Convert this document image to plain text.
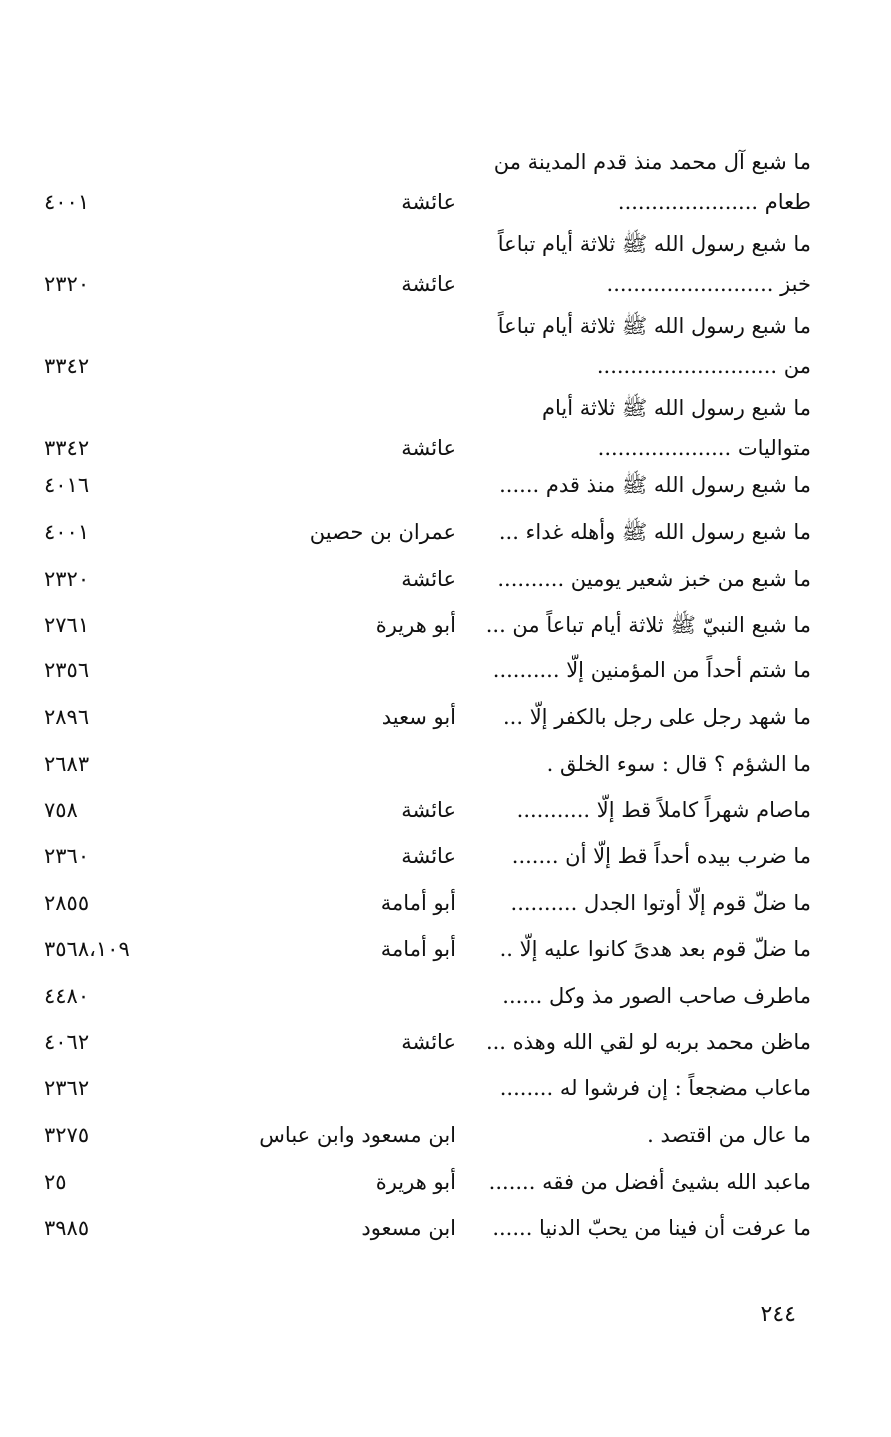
ما شبع آل محمد منذ قدم المدينة من
طعام .....................
عائشة
٤٠٠١
ما شبع رسول الله ﷺ ثلاثة أيام تباعاً
خبز .........................
عائشة
٢٣٢٠
ما شبع رسول الله ﷺ ثلاثة أيام تباعاً
من ...........................
٣٣٤٢
ما شبع رسول الله ﷺ ثلاثة أيام
متواليات ....................
عائشة
٣٣٤٢
ما شبع رسول الله ﷺ منذ قدم ......
٤٠١٦
ما شبع رسول الله ﷺ وأهله غداء ...
عمران بن حصين
٤٠٠١
ما شبع من خبز شعير يومين ..........
عائشة
٢٣٢٠
ما شبع النبيّ ﷺ ثلاثة أيام تباعاً من ...
أبو هريرة
٢٧٦١
ما شتم أحداً من المؤمنين إلّا ..........
٢٣٥٦
ما شهد رجل على رجل بالكفر إلّا ...
أبو سعيد
٢٨٩٦
ما الشؤم ؟ قال : سوء الخلق .
٢٦٨٣
ماصام شهراً كاملاً قط إلّا ...........
عائشة
٧٥٨
ما ضرب بيده أحداً قط إلّا أن .......
عائشة
٢٣٦٠
ما ضلّ قوم إلّا أوتوا الجدل ..........
أبو أمامة
٢٨٥٥
ما ضلّ قوم بعد هدىً كانوا عليه إلّا ..
أبو أمامة
٣٥٦٨،١٠٩
ماطرف صاحب الصور مذ وكل ......
٤٤٨٠
ماظن محمد بربه لو لقي الله وهذه ...
عائشة
٤٠٦٢
ماعاب مضجعاً : إن فرشوا له ........
٢٣٦٢
ما عال من اقتصد .
ابن مسعود وابن عباس
٣٢٧٥
ماعبد الله بشيئ أفضل من فقه .......
أبو هريرة
٢٥
ما عرفت أن فينا من يحبّ الدنيا ......
ابن مسعود
٣٩٨٥
٢٤٤
